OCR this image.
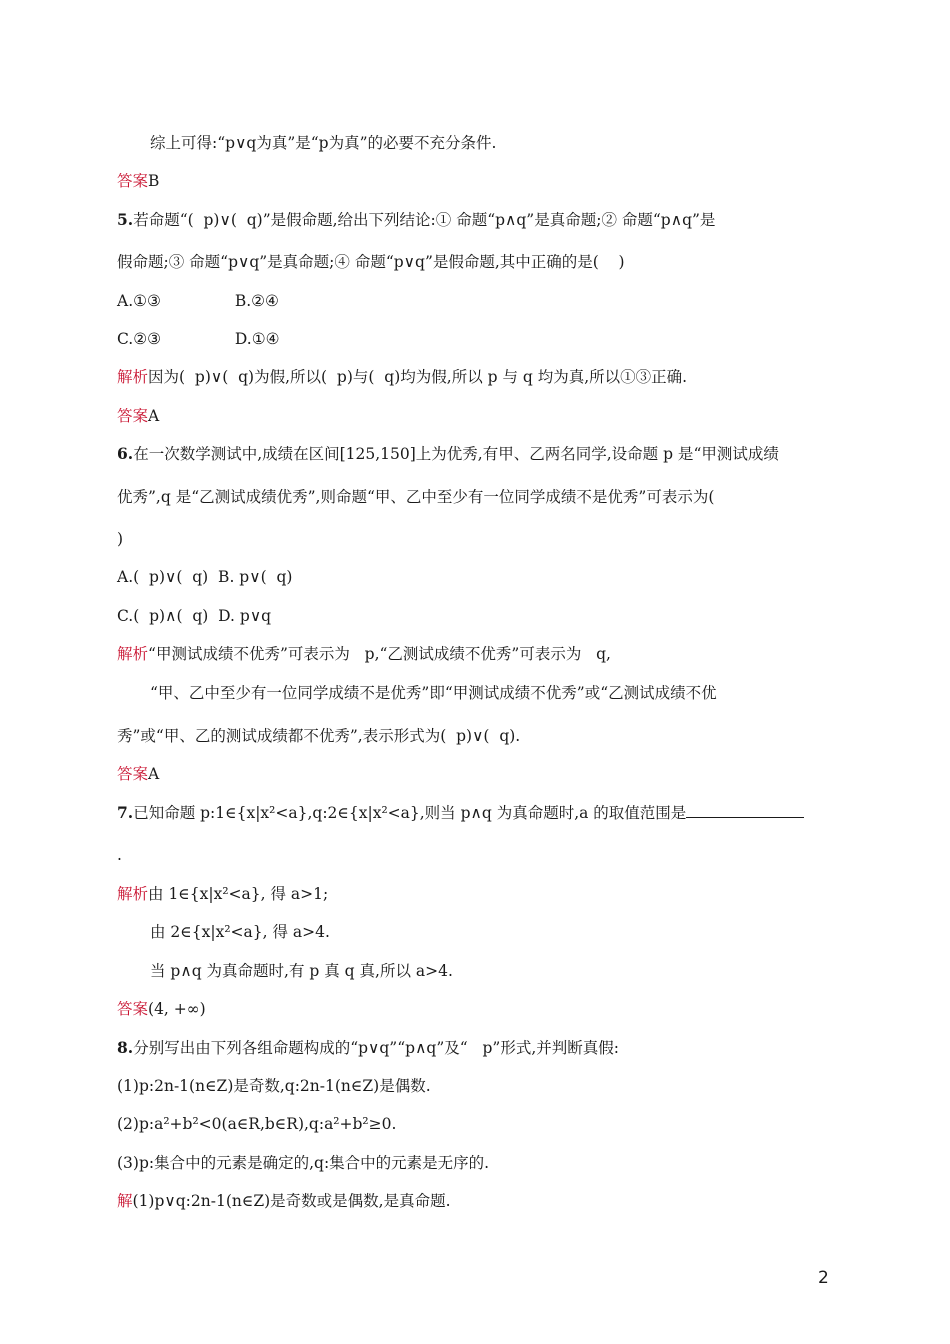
综上可得:“p∨q为真”是“p为真”的必要不充分条件.
答案B
5.若命题“(  p)∨(  q)”是假命题,给出下列结论:① 命题“p∧q”是真命题;② 命题“p∧q”是
假命题;③ 命题“p∨q”是真命题;④ 命题“p∨q”是假命题,其中正确的是(    )
A.①③               B.②④
C.②③               D.①④
解析因为(  p)∨(  q)为假,所以(  p)与(  q)均为假,所以 p 与 q 均为真,所以①③正确.
答案A
6.在一次数学测试中,成绩在区间[125,150]上为优秀,有甲、乙两名同学,设命题 p 是“甲测试成绩
优秀”,q 是“乙测试成绩优秀”,则命题“甲、乙中至少有一位同学成绩不是优秀”可表示为(
)
A.(  p)∨(  q)  B. p∨(  q)
C.(  p)∧(  q)  D. p∨q
解析“甲测试成绩不优秀”可表示为   p,“乙测试成绩不优秀”可表示为   q,
“甲、乙中至少有一位同学成绩不是优秀”即“甲测试成绩不优秀”或“乙测试成绩不优
秀”或“甲、乙的测试成绩都不优秀”,表示形式为(  p)∨(  q).
答案A
7.已知命题 p:1∈{x|x²<a},q:2∈{x|x²<a},则当 p∧q 为真命题时,a 的取值范围是
.
解析由 1∈{x|x²<a}, 得 a>1;
由 2∈{x|x²<a}, 得 a>4.
当 p∧q 为真命题时,有 p 真 q 真,所以 a>4.
答案(4, +∞)
8.分别写出由下列各组命题构成的“p∨q”“p∧q”及“   p”形式,并判断真假:
(1)p:2n-1(n∈Z)是奇数,q:2n-1(n∈Z)是偶数.
(2)p:a²+b²<0(a∈R,b∈R),q:a²+b²≥0.
(3)p:集合中的元素是确定的,q:集合中的元素是无序的.
解(1)p∨q:2n-1(n∈Z)是奇数或是偶数,是真命题.
2
